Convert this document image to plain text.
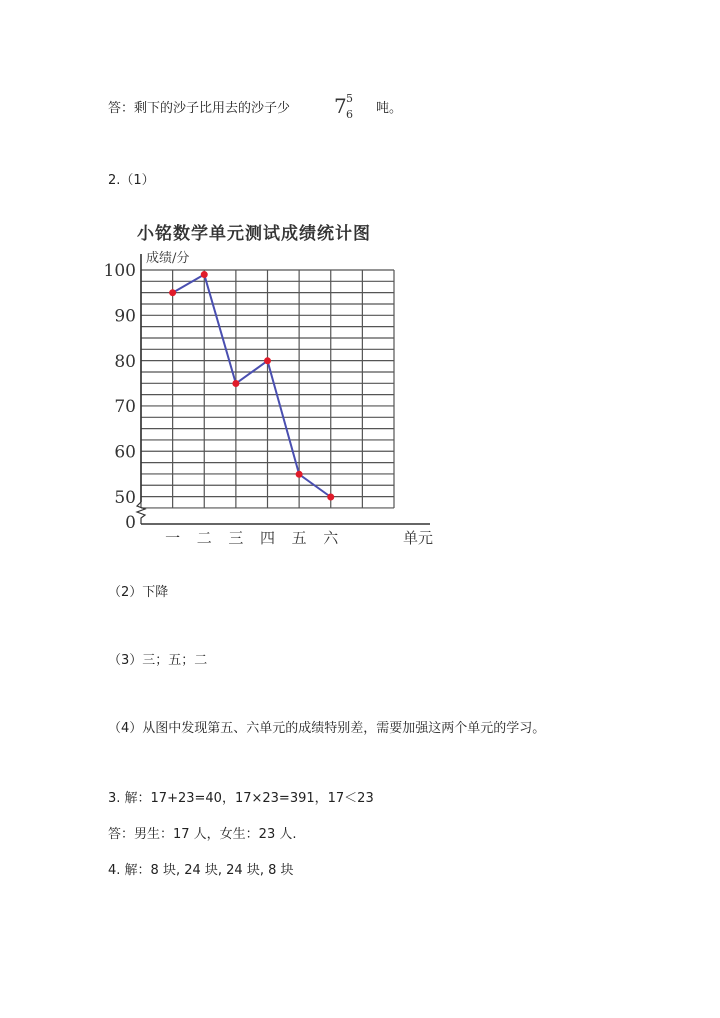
答：剩下的沙子比用去的沙子少 7 5
6 吨。
2.（1）
小铭数学单元测试成绩统计图
成绩/分
0
50
60
70
80
90
100
一 二 三 四 五 六	单元
（2）下降
（3）三；五；二
（4）从图中发现第五、六单元的成绩特别差，需要加强这两个单元的学习。
3. 解：17+23=40，17×23=391，17＜23
答：男生：17 人，女生：23 人.
4. 解：8 块, 24 块, 24 块, 8 块
